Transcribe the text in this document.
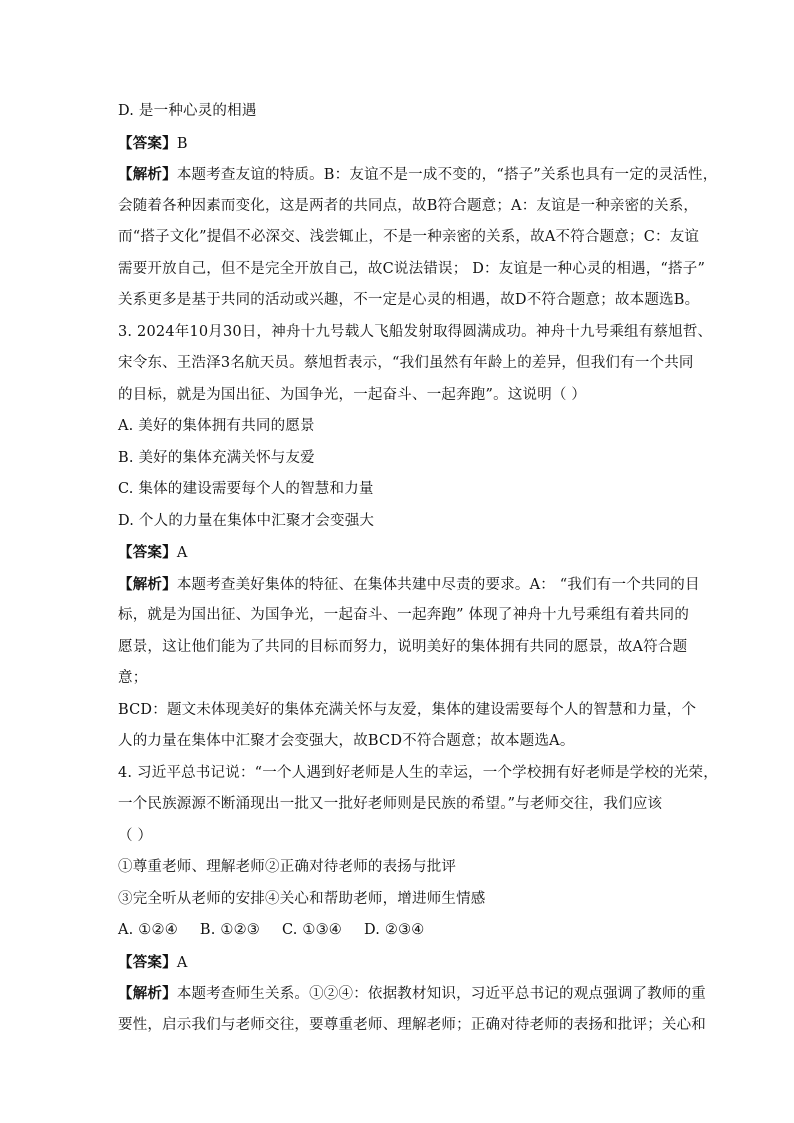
D. 是一种心灵的相遇
【答案】B
【解析】本题考查友谊的特质。B：友谊不是一成不变的，“搭子”关系也具有一定的灵活性，
会随着各种因素而变化，这是两者的共同点，故B符合题意；A：友谊是一种亲密的关系，
而“搭子文化”提倡不必深交、浅尝辄止，不是一种亲密的关系，故A不符合题意；C：友谊
需要开放自己，但不是完全开放自己，故C说法错误； D：友谊是一种心灵的相遇，“搭子”
关系更多是基于共同的活动或兴趣，不一定是心灵的相遇，故D不符合题意；故本题选B。
3. 2024年10月30日，神舟十九号载人飞船发射取得圆满成功。神舟十九号乘组有蔡旭哲、
宋令东、王浩泽3名航天员。蔡旭哲表示，“我们虽然有年龄上的差异，但我们有一个共同
的目标，就是为国出征、为国争光，一起奋斗、一起奔跑”。这说明（ ）
A. 美好的集体拥有共同的愿景
B. 美好的集体充满关怀与友爱
C. 集体的建设需要每个人的智慧和力量
D. 个人的力量在集体中汇聚才会变强大
【答案】A
【解析】本题考查美好集体的特征、在集体共建中尽责的要求。A： “我们有一个共同的目
标，就是为国出征、为国争光，一起奋斗、一起奔跑” 体现了神舟十九号乘组有着共同的
愿景，这让他们能为了共同的目标而努力，说明美好的集体拥有共同的愿景，故A符合题
意；
BCD：题文未体现美好的集体充满关怀与友爱，集体的建设需要每个人的智慧和力量，个
人的力量在集体中汇聚才会变强大，故BCD不符合题意；故本题选A。
4. 习近平总书记说：“一个人遇到好老师是人生的幸运，一个学校拥有好老师是学校的光荣，
一个民族源源不断涌现出一批又一批好老师则是民族的希望。”与老师交往，我们应该
（ ）
①尊重老师、理解老师②正确对待老师的表扬与批评
③完全听从老师的安排④关心和帮助老师，增进师生情感
A. ①②④ B. ①②③ C. ①③④ D. ②③④
【答案】A
【解析】本题考查师生关系。①②④：依据教材知识，习近平总书记的观点强调了教师的重
要性，启示我们与老师交往，要尊重老师、理解老师；正确对待老师的表扬和批评；关心和
